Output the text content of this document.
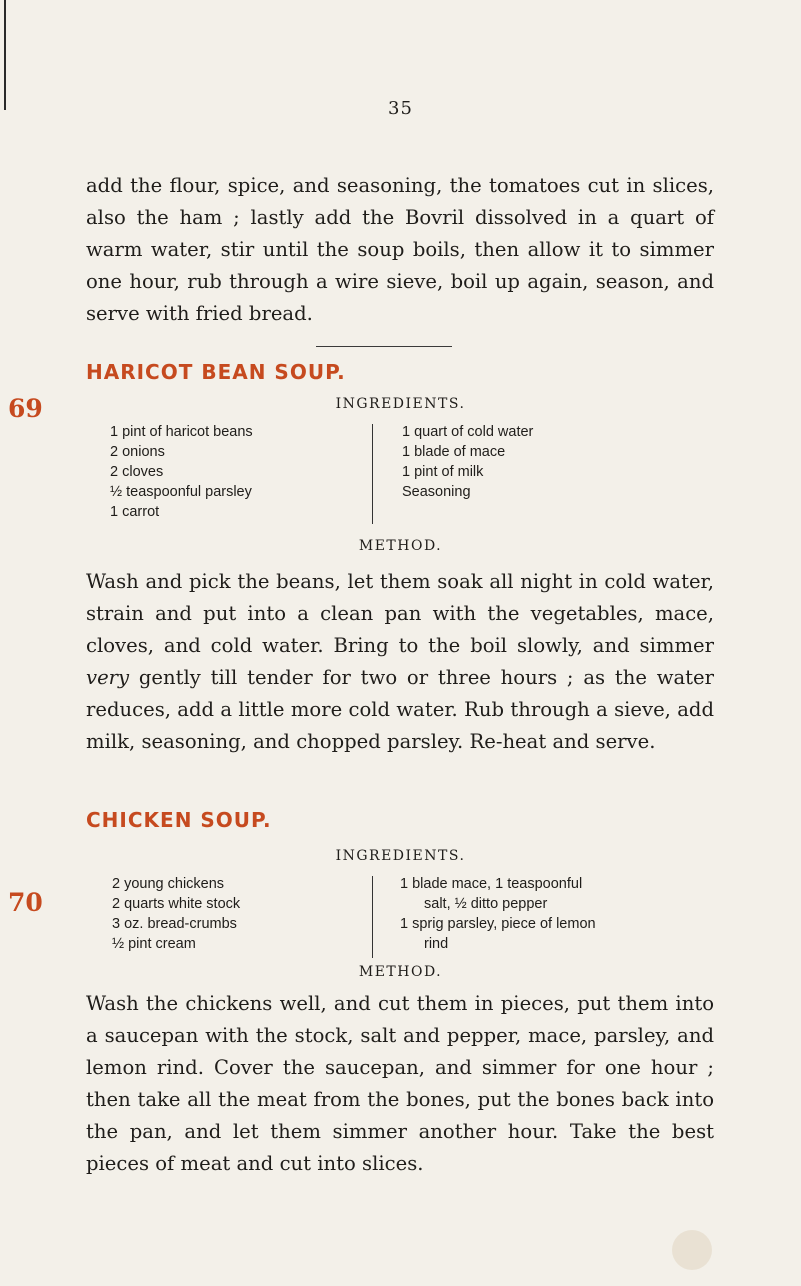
35

add the flour, spice, and seasoning, the tomatoes cut in slices, also the ham ; lastly add the Bovril dissolved in a quart of warm water, stir until the soup boils, then allow it to simmer one hour, rub through a wire sieve, boil up again, season, and serve with fried bread.

69
HARICOT BEAN SOUP.
INGREDIENTS.
1 pint of haricot beans
2 onions
2 cloves
½ teaspoonful parsley
1 carrot
1 quart of cold water
1 blade of mace
1 pint of milk
Seasoning
METHOD.

Wash and pick the beans, let them soak all night in cold water, strain and put into a clean pan with the vegetables, mace, cloves, and cold water. Bring to the boil slowly, and simmer very gently till tender for two or three hours ; as the water reduces, add a little more cold water. Rub through a sieve, add milk, seasoning, and chopped parsley. Re-heat and serve.

70
CHICKEN SOUP.
INGREDIENTS.
2 young chickens
2 quarts white stock
3 oz. bread-crumbs
½ pint cream
1 blade mace, 1 teaspoonful
salt, ½ ditto pepper
1 sprig parsley, piece of lemon
rind
METHOD.

Wash the chickens well, and cut them in pieces, put them into a saucepan with the stock, salt and pepper, mace, parsley, and lemon rind. Cover the saucepan, and simmer for one hour ; then take all the meat from the bones, put the bones back into the pan, and let them simmer another hour. Take the best pieces of meat and cut into slices.
